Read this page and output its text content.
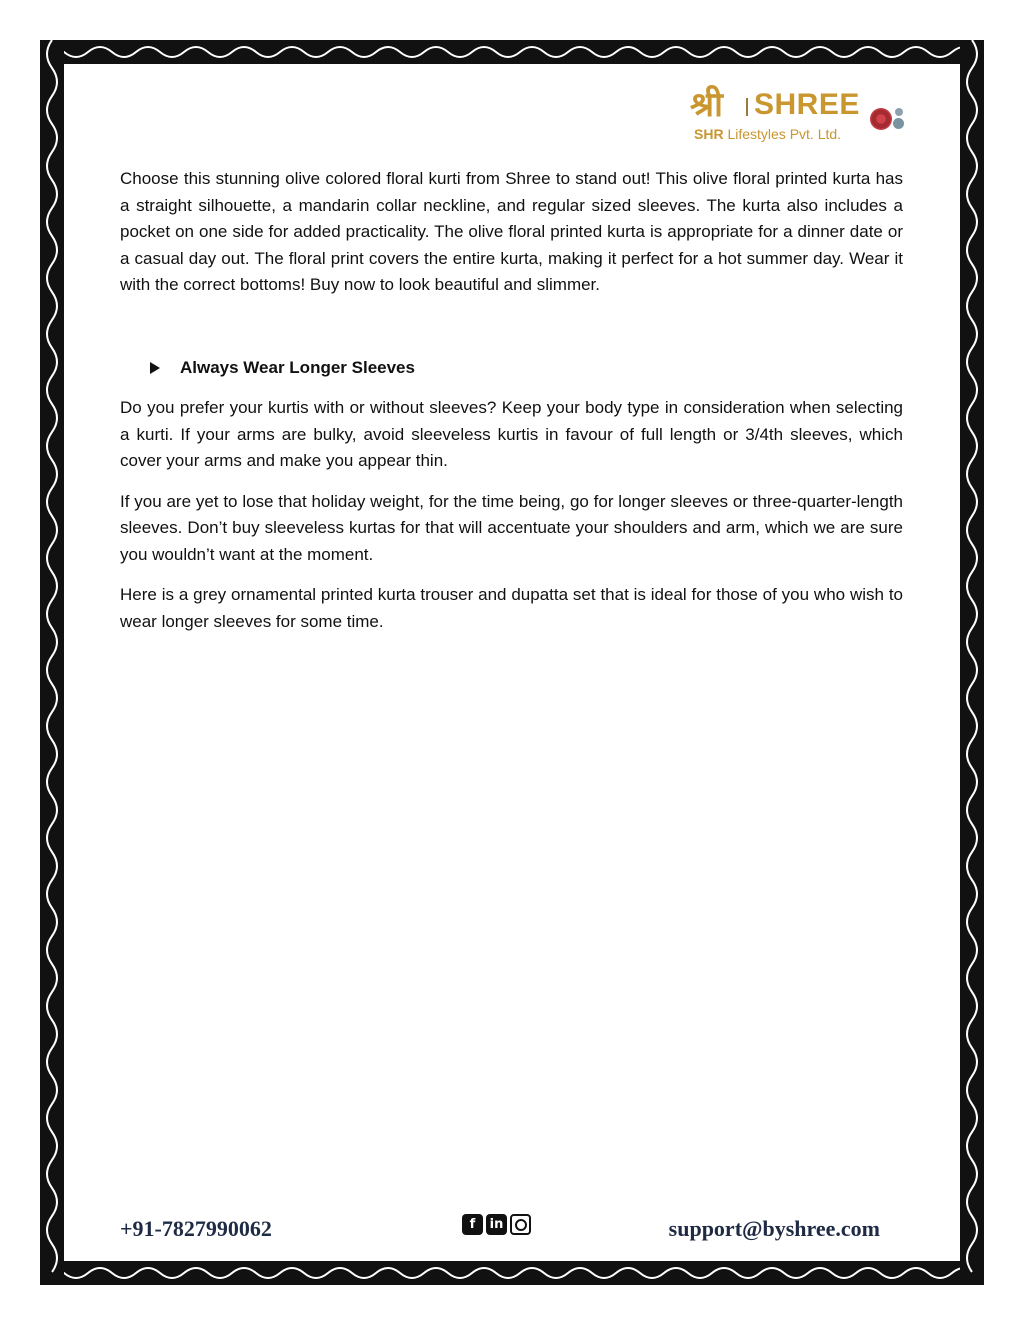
श्री SHREE
SHR Lifestyles Pvt. Ltd.

Choose this stunning olive colored floral kurti from Shree to stand out! This olive floral printed kurta has a straight silhouette, a mandarin collar neckline, and regular sized sleeves. The kurta also includes a pocket on one side for added practicality. The olive floral printed kurta is appropriate for a dinner date or a casual day out. The floral print covers the entire kurta, making it perfect for a hot summer day. Wear it with the correct bottoms! Buy now to look beautiful and slimmer.

Always Wear Longer Sleeves

Do you prefer your kurtis with or without sleeves? Keep your body type in consideration when selecting a kurti. If your arms are bulky, avoid sleeveless kurtis in favour of full length or 3/4th sleeves, which cover your arms and make you appear thin.

If you are yet to lose that holiday weight, for the time being, go for longer sleeves or three-quarter-length sleeves. Don’t buy sleeveless kurtas for that will accentuate your shoulders and arm, which we are sure you wouldn’t want at the moment.

Here is a grey ornamental printed kurta trouser and dupatta set that is ideal for those of you who wish to wear longer sleeves for some time.

+91-7827990062	f	in	support@byshree.com
